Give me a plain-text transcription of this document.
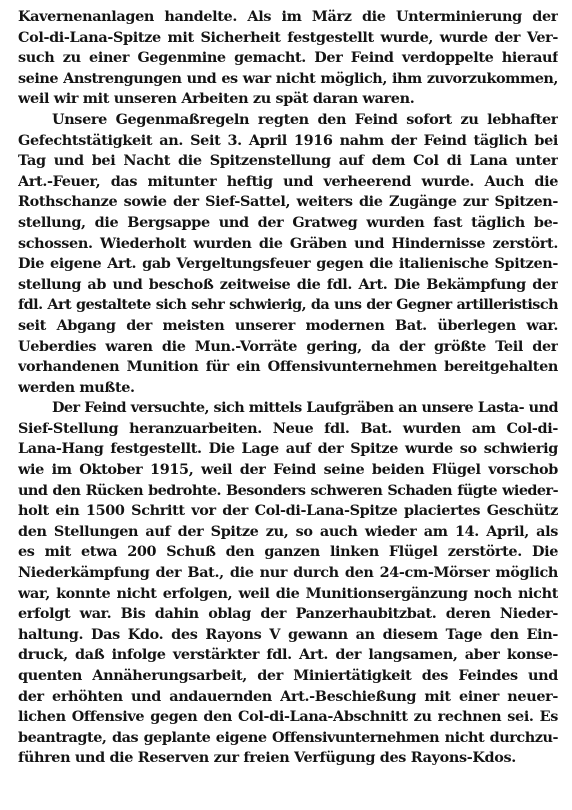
Kavernenanlagen handelte. Als im März die Unterminierung der
Col-di-Lana-Spitze mit Sicherheit festgestellt wurde, wurde der Ver-
such zu einer Gegenmine gemacht. Der Feind verdoppelte hierauf
seine Anstrengungen und es war nicht möglich, ihm zuvorzukommen,
weil wir mit unseren Arbeiten zu spät daran waren.
Unsere Gegenmaßregeln regten den Feind sofort zu lebhafter
Gefechtstätigkeit an. Seit 3. April 1916 nahm der Feind täglich bei
Tag und bei Nacht die Spitzenstellung auf dem Col di Lana unter
Art.-Feuer, das mitunter heftig und verheerend wurde. Auch die
Rothschanze sowie der Sief-Sattel, weiters die Zugänge zur Spitzen-
stellung, die Bergsappe und der Gratweg wurden fast täglich be-
schossen. Wiederholt wurden die Gräben und Hindernisse zerstört.
Die eigene Art. gab Vergeltungsfeuer gegen die italienische Spitzen-
stellung ab und beschoß zeitweise die fdl. Art. Die Bekämpfung der
fdl. Art gestaltete sich sehr schwierig, da uns der Gegner artilleristisch
seit Abgang der meisten unserer modernen Bat. überlegen war.
Ueberdies waren die Mun.-Vorräte gering, da der größte Teil der
vorhandenen Munition für ein Offensivunternehmen bereitgehalten
werden mußte.
Der Feind versuchte, sich mittels Laufgräben an unsere Lasta- und
Sief-Stellung heranzuarbeiten. Neue fdl. Bat. wurden am Col-di-
Lana-Hang festgestellt. Die Lage auf der Spitze wurde so schwierig
wie im Oktober 1915, weil der Feind seine beiden Flügel vorschob
und den Rücken bedrohte. Besonders schweren Schaden fügte wieder-
holt ein 1500 Schritt vor der Col-di-Lana-Spitze placiertes Geschütz
den Stellungen auf der Spitze zu, so auch wieder am 14. April, als
es mit etwa 200 Schuß den ganzen linken Flügel zerstörte. Die
Niederkämpfung der Bat., die nur durch den 24-cm-Mörser möglich
war, konnte nicht erfolgen, weil die Munitionsergänzung noch nicht
erfolgt war. Bis dahin oblag der Panzerhaubitzbat. deren Nieder-
haltung. Das Kdo. des Rayons V gewann an diesem Tage den Ein-
druck, daß infolge verstärkter fdl. Art. der langsamen, aber konse-
quenten Annäherungsarbeit, der Miniertätigkeit des Feindes und
der erhöhten und andauernden Art.-Beschießung mit einer neuer-
lichen Offensive gegen den Col-di-Lana-Abschnitt zu rechnen sei. Es
beantragte, das geplante eigene Offensivunternehmen nicht durchzu-
führen und die Reserven zur freien Verfügung des Rayons-Kdos.
